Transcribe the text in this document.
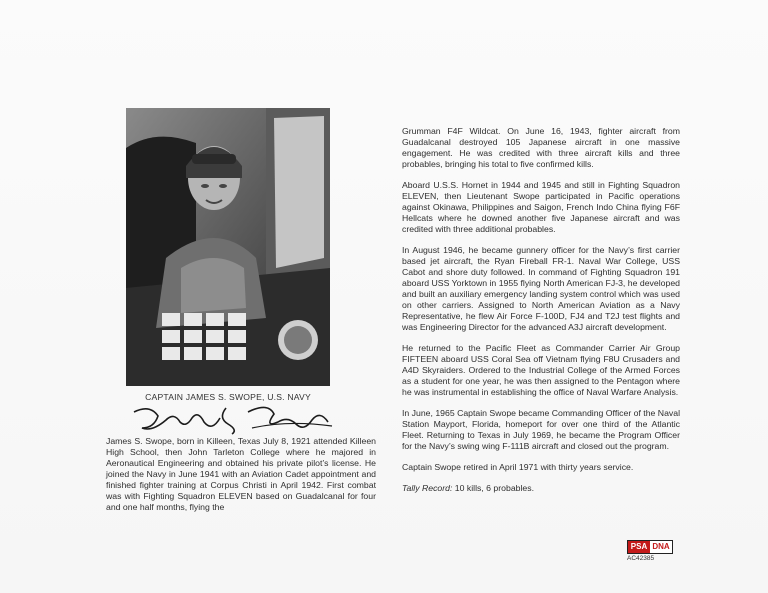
CAPTAIN JAMES S. SWOPE, U.S. NAVY

James S. Swope, born in Killeen, Texas July 8, 1921 attended Killeen High School, then John Tarleton College where he majored in Aeronautical Engineering and obtained his private pilot’s license. He joined the Navy in June 1941 with an Aviation Cadet appointment and finished fighter training at Corpus Christi in April 1942. First combat was with Fighting Squadron ELEVEN based on Guadalcanal for four and one half months, flying the

Grumman F4F Wildcat. On June 16, 1943, fighter aircraft from Guadalcanal destroyed 105 Japanese aircraft in one massive engagement. He was credited with three aircraft kills and three probables, bringing his total to five confirmed kills.

Aboard U.S.S. Hornet in 1944 and 1945 and still in Fighting Squadron ELEVEN, then Lieutenant Swope participated in Pacific operations against Okinawa, Philippines and Saigon, French Indo China flying F6F Hellcats where he downed another five Japanese aircraft and was credited with three additional probables.

In August 1946, he became gunnery officer for the Navy’s first carrier based jet aircraft, the Ryan Fireball FR-1. Naval War College, USS Cabot and shore duty followed. In command of Fighting Squadron 191 aboard USS Yorktown in 1955 flying North American FJ-3, he developed and built an auxiliary emergency landing system control which was used on other carriers. Assigned to North American Aviation as a Navy Representative, he flew Air Force F-100D, FJ4 and T2J test flights and was Engineering Director for the advanced A3J aircraft development.

He returned to the Pacific Fleet as Commander Carrier Air Group FIFTEEN aboard USS Coral Sea off Vietnam flying F8U Crusaders and A4D Skyraiders. Ordered to the Industrial College of the Armed Forces as a student for one year, he was then assigned to the Pentagon where he was instrumental in establishing the office of Naval Warfare Analysis.

In June, 1965 Captain Swope became Commanding Officer of the Naval Station Mayport, Florida, homeport for over one third of the Atlantic Fleet. Returning to Texas in July 1969, he became the Program Officer for the Navy’s swing wing F-111B aircraft and closed out the program.

Captain Swope retired in April 1971 with thirty years service.

Tally Record: 10 kills, 6 probables.

PSA DNA
AC42385
